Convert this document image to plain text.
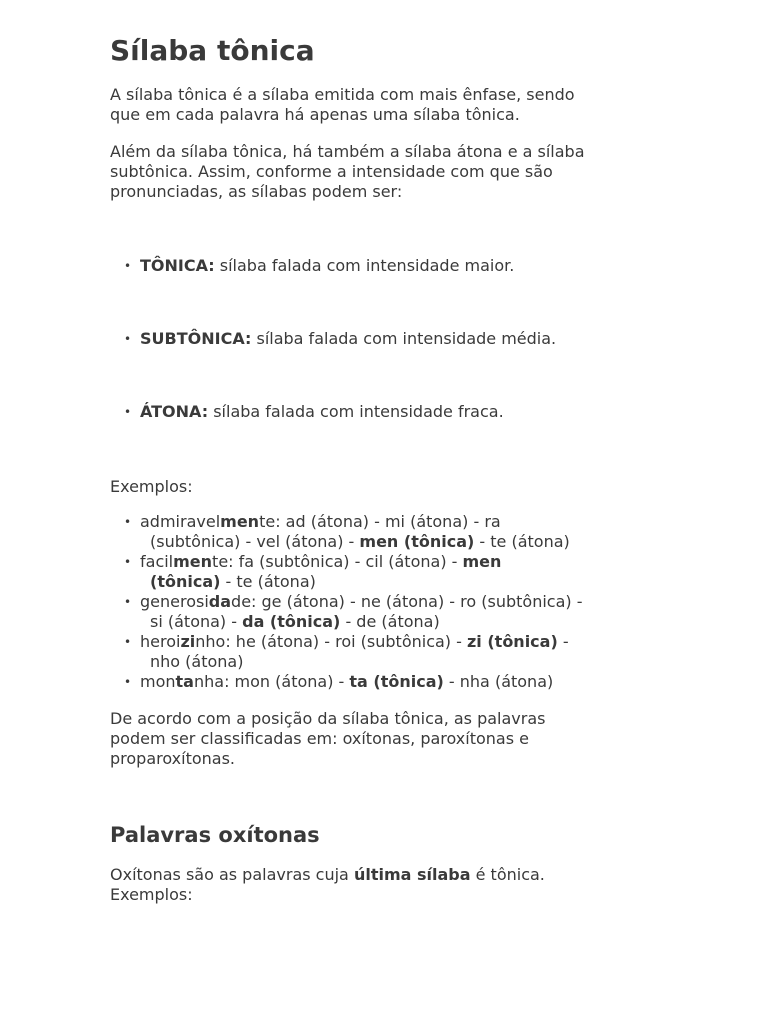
Sílaba tônica

A sílaba tônica é a sílaba emitida com mais ênfase, sendo
que em cada palavra há apenas uma sílaba tônica.

Além da sílaba tônica, há também a sílaba átona e a sílaba
subtônica. Assim, conforme a intensidade com que são
pronunciadas, as sílabas podem ser:

• TÔNICA: sílaba falada com intensidade maior.
• SUBTÔNICA: sílaba falada com intensidade média.
• ÁTONA: sílaba falada com intensidade fraca.

Exemplos:

• admiravelmente: ad (átona) - mi (átona) - ra
(subtônica) - vel (átona) - men (tônica) - te (átona)
• facilmente: fa (subtônica) - cil (átona) - men
(tônica) - te (átona)
• generosidade: ge (átona) - ne (átona) - ro (subtônica) -
si (átona) - da (tônica) - de (átona)
• heroizinho: he (átona) - roi (subtônica) - zi (tônica) -
nho (átona)
• montanha: mon (átona) - ta (tônica) - nha (átona)

De acordo com a posição da sílaba tônica, as palavras
podem ser classificadas em: oxítonas, paroxítonas e
proparoxítonas.

Palavras oxítonas

Oxítonas são as palavras cuja última sílaba é tônica.
Exemplos:
